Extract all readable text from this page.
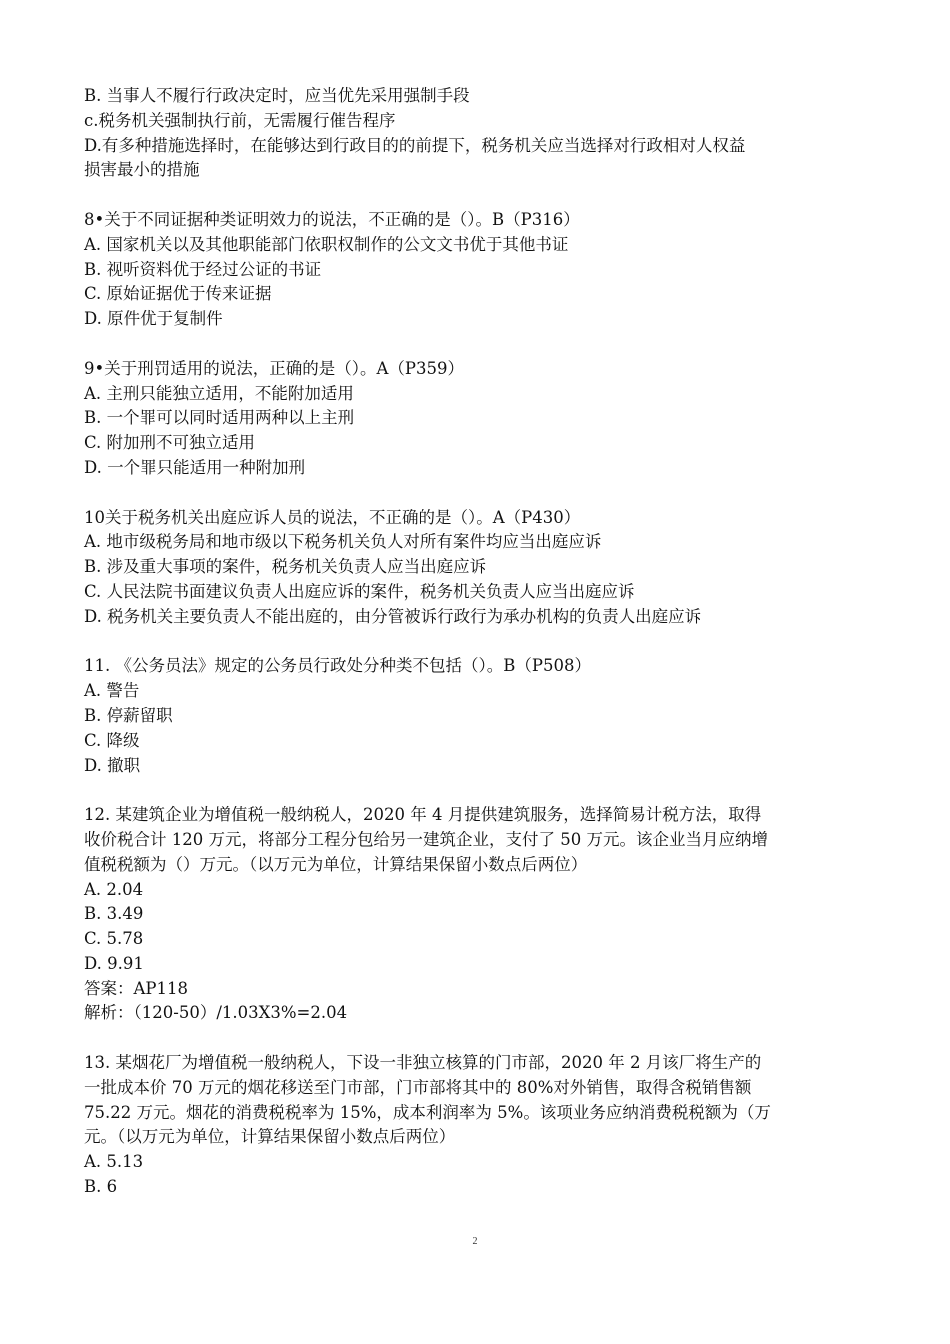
B. 当事人不履行行政决定时，应当优先采用强制手段
c.税务机关强制执行前，无需履行催告程序
D.有多种措施选择时，在能够达到行政目的的前提下，税务机关应当选择对行政相对人权益
损害最小的措施
8•关于不同证据种类证明效力的说法，不正确的是（）。B（P316）
A. 国家机关以及其他职能部门依职权制作的公文文书优于其他书证
B. 视听资料优于经过公证的书证
C. 原始证据优于传来证据
D. 原件优于复制件
9•关于刑罚适用的说法，正确的是（）。A（P359）
A. 主刑只能独立适用，不能附加适用
B. 一个罪可以同时适用两种以上主刑
C. 附加刑不可独立适用
D. 一个罪只能适用一种附加刑
10关于税务机关出庭应诉人员的说法，不正确的是（）。A（P430）
A. 地市级税务局和地市级以下税务机关负人对所有案件均应当出庭应诉
B. 涉及重大事项的案件，税务机关负责人应当出庭应诉
C. 人民法院书面建议负责人出庭应诉的案件，税务机关负责人应当出庭应诉
D. 税务机关主要负责人不能出庭的，由分管被诉行政行为承办机构的负责人出庭应诉
11. 《公务员法》规定的公务员行政处分种类不包括（）。B（P508）
A. 警告
B. 停薪留职
C. 降级
D. 撤职
12. 某建筑企业为增值税一般纳税人，2020 年 4 月提供建筑服务，选择简易计税方法，取得
收价税合计 120 万元，将部分工程分包给另一建筑企业，支付了 50 万元。该企业当月应纳增
值税税额为（）万元。（以万元为单位，计算结果保留小数点后两位）
A. 2.04
B. 3.49
C. 5.78
D. 9.91
答案：AP118
解析：（120-50）/1.03X3%=2.04
13. 某烟花厂为增值税一般纳税人，下设一非独立核算的门市部，2020 年 2 月该厂将生产的
一批成本价 70 万元的烟花移送至门市部，门市部将其中的 80%对外销售，取得含税销售额
75.22 万元。烟花的消费税税率为 15%，成本利润率为 5%。该项业务应纳消费税税额为（万
元。（以万元为单位，计算结果保留小数点后两位）
A. 5.13
B. 6
2
